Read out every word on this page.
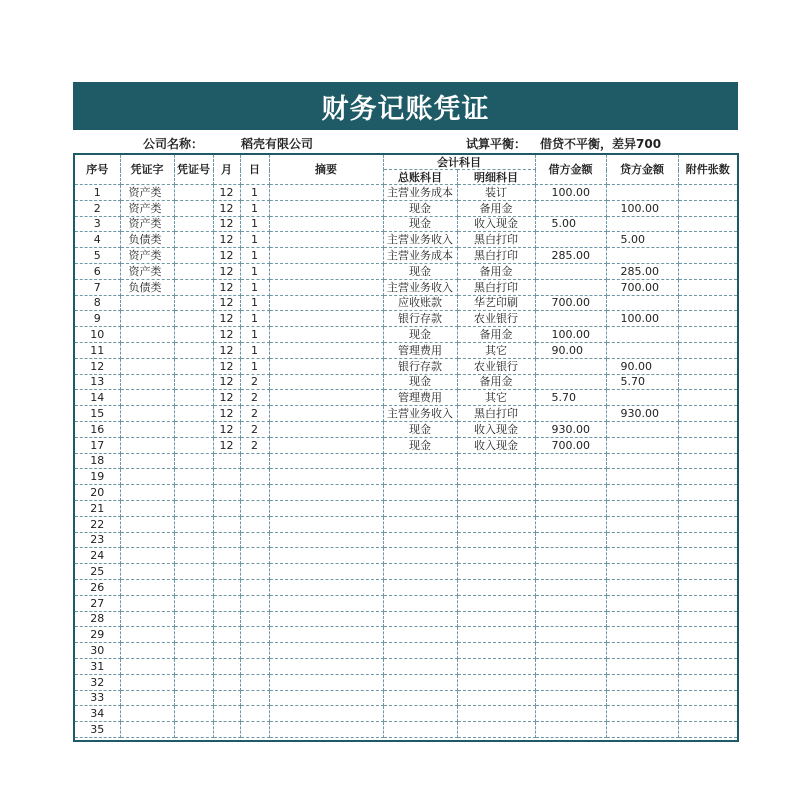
财务记账凭证
公司名称：	稻壳有限公司	试算平衡： 借贷不平衡，差异700
序号	凭证字	凭证号	月	日	摘要	会计科目		借方金额	贷方金额	附件张数
						总账科目	明细科目			
1	资产类		12	1		主营业务成本	装订	100.00		
2	资产类		12	1		现金	备用金		100.00	
3	资产类		12	1		现金	收入现金	5.00		
4	负债类		12	1		主营业务收入	黑白打印		5.00	
5	资产类		12	1		主营业务成本	黑白打印	285.00		
6	资产类		12	1		现金	备用金		285.00	
7	负债类		12	1		主营业务收入	黑白打印		700.00	
8			12	1		应收账款	华艺印刷	700.00		
9			12	1		银行存款	农业银行		100.00	
10			12	1		现金	备用金	100.00		
11			12	1		管理费用	其它	90.00		
12			12	1		银行存款	农业银行		90.00	
13			12	2		现金	备用金		5.70	
14			12	2		管理费用	其它	5.70		
15			12	2		主营业务收入	黑白打印		930.00	
16			12	2		现金	收入现金	930.00		
17			12	2		现金	收入现金	700.00		
18										
19										
20										
21										
22										
23										
24										
25										
26										
27										
28										
29										
30										
31										
32										
33										
34										
35										
